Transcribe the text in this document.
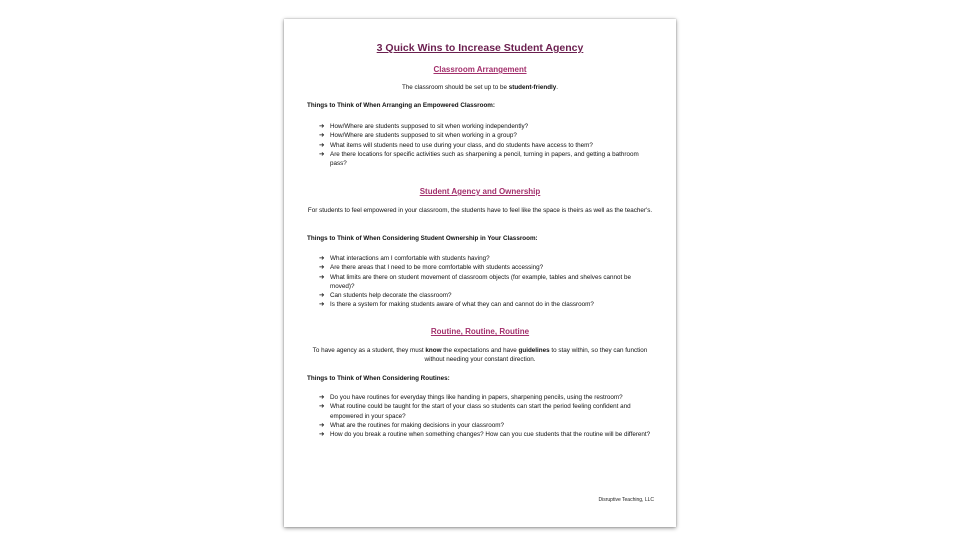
3 Quick Wins to Increase Student Agency
Classroom Arrangement
The classroom should be set up to be student-friendly.
Things to Think of When Arranging an Empowered Classroom:
➔ How/Where are students supposed to sit when working independently?
➔ How/Where are students supposed to sit when working in a group?
➔ What items will students need to use during your class, and do students have access to them?
➔ Are there locations for specific activities such as sharpening a pencil, turning in papers, and getting a bathroom pass?
Student Agency and Ownership
For students to feel empowered in your classroom, the students have to feel like the space is theirs as well as the teacher's.
Things to Think of When Considering Student Ownership in Your Classroom:
➔ What interactions am I comfortable with students having?
➔ Are there areas that I need to be more comfortable with students accessing?
➔ What limits are there on student movement of classroom objects (for example, tables and shelves cannot be moved)?
➔ Can students help decorate the classroom?
➔ Is there a system for making students aware of what they can and cannot do in the classroom?
Routine, Routine, Routine
To have agency as a student, they must know the expectations and have guidelines to stay within, so they can function without needing your constant direction.
Things to Think of When Considering Routines:
➔ Do you have routines for everyday things like handing in papers, sharpening pencils, using the restroom?
➔ What routine could be taught for the start of your class so students can start the period feeling confident and empowered in your space?
➔ What are the routines for making decisions in your classroom?
➔ How do you break a routine when something changes? How can you cue students that the routine will be different?
Disruptive Teaching, LLC
